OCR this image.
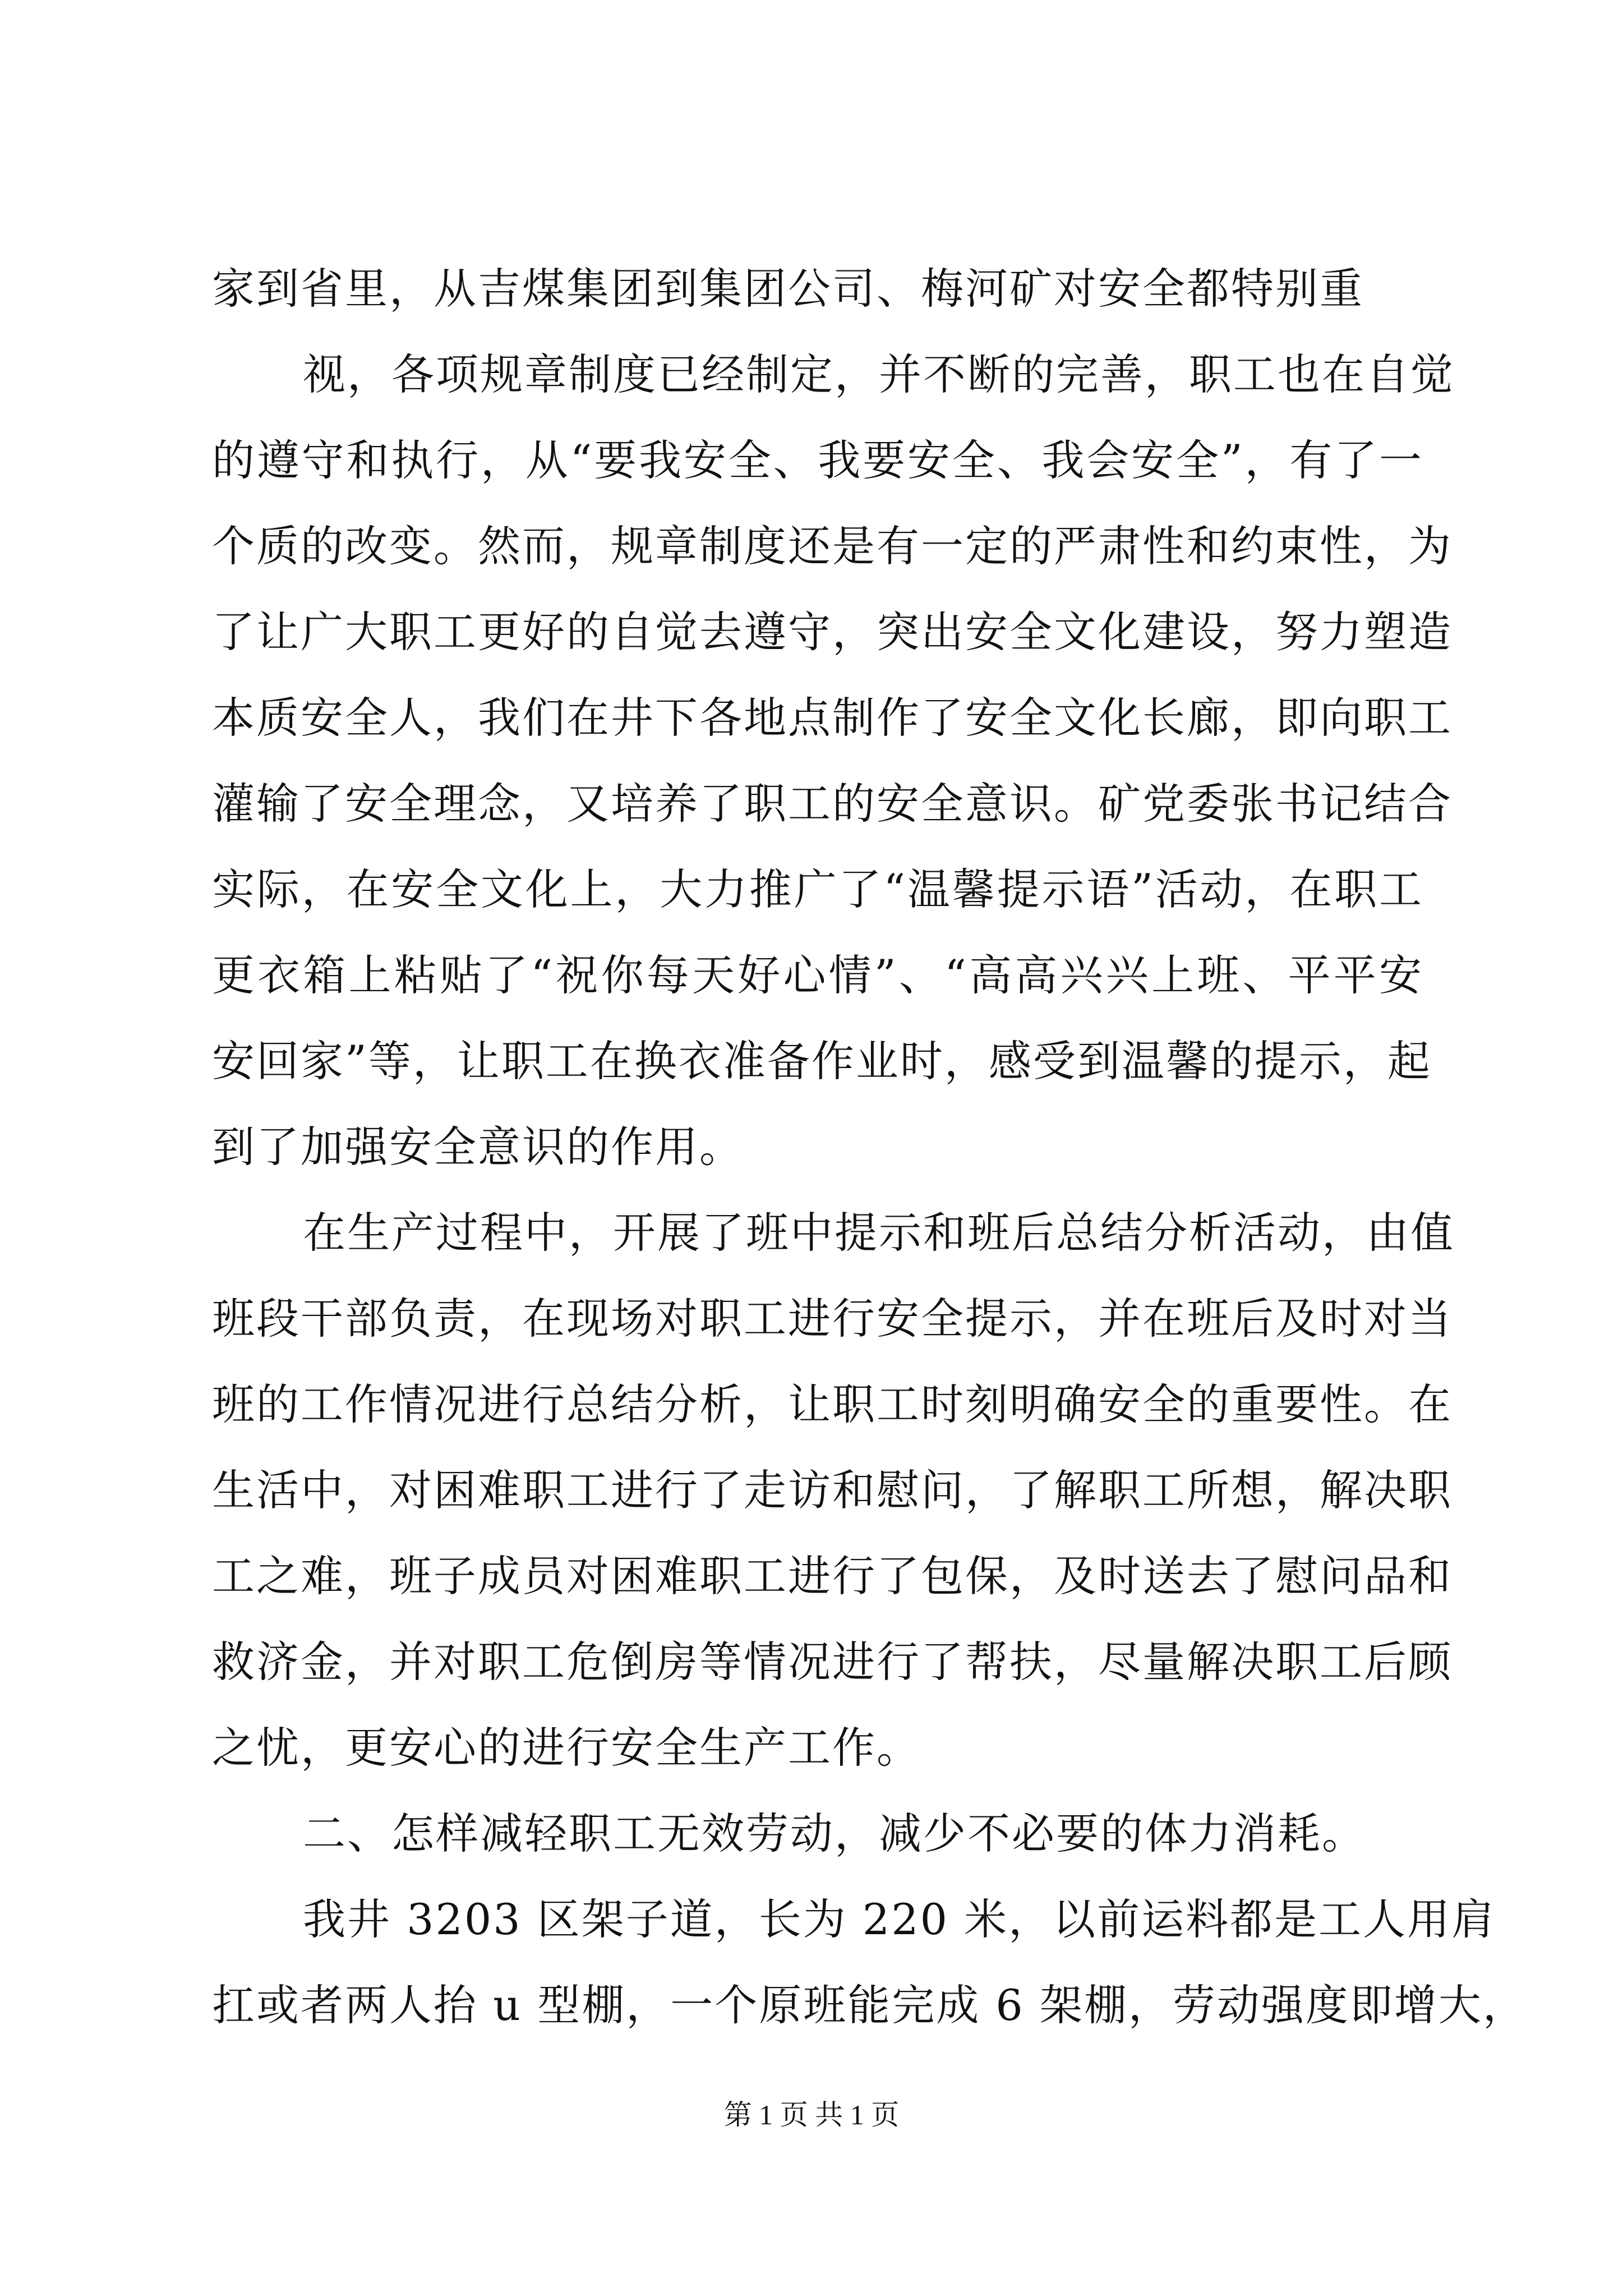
家到省里，从吉煤集团到集团公司、梅河矿对安全都特别重
视，各项规章制度已经制定，并不断的完善，职工也在自觉
的遵守和执行，从“要我安全、我要安全、我会安全”，有了一
个质的改变。然而，规章制度还是有一定的严肃性和约束性，为
了让广大职工更好的自觉去遵守，突出安全文化建设，努力塑造
本质安全人，我们在井下各地点制作了安全文化长廊，即向职工
灌输了安全理念，又培养了职工的安全意识。矿党委张书记结合
实际，在安全文化上，大力推广了“温馨提示语”活动，在职工
更衣箱上粘贴了“祝你每天好心情”、“高高兴兴上班、平平安
安回家”等，让职工在换衣准备作业时，感受到温馨的提示，起
到了加强安全意识的作用。
在生产过程中，开展了班中提示和班后总结分析活动，由值
班段干部负责，在现场对职工进行安全提示，并在班后及时对当
班的工作情况进行总结分析，让职工时刻明确安全的重要性。在
生活中，对困难职工进行了走访和慰问，了解职工所想，解决职
工之难，班子成员对困难职工进行了包保，及时送去了慰问品和
救济金，并对职工危倒房等情况进行了帮扶，尽量解决职工后顾
之忧，更安心的进行安全生产工作。
二、怎样减轻职工无效劳动，减少不必要的体力消耗。
我井 3203 区架子道，长为 220 米，以前运料都是工人用肩
扛或者两人抬 u 型棚，一个原班能完成 6 架棚，劳动强度即增大，
第 1 页 共 1 页
